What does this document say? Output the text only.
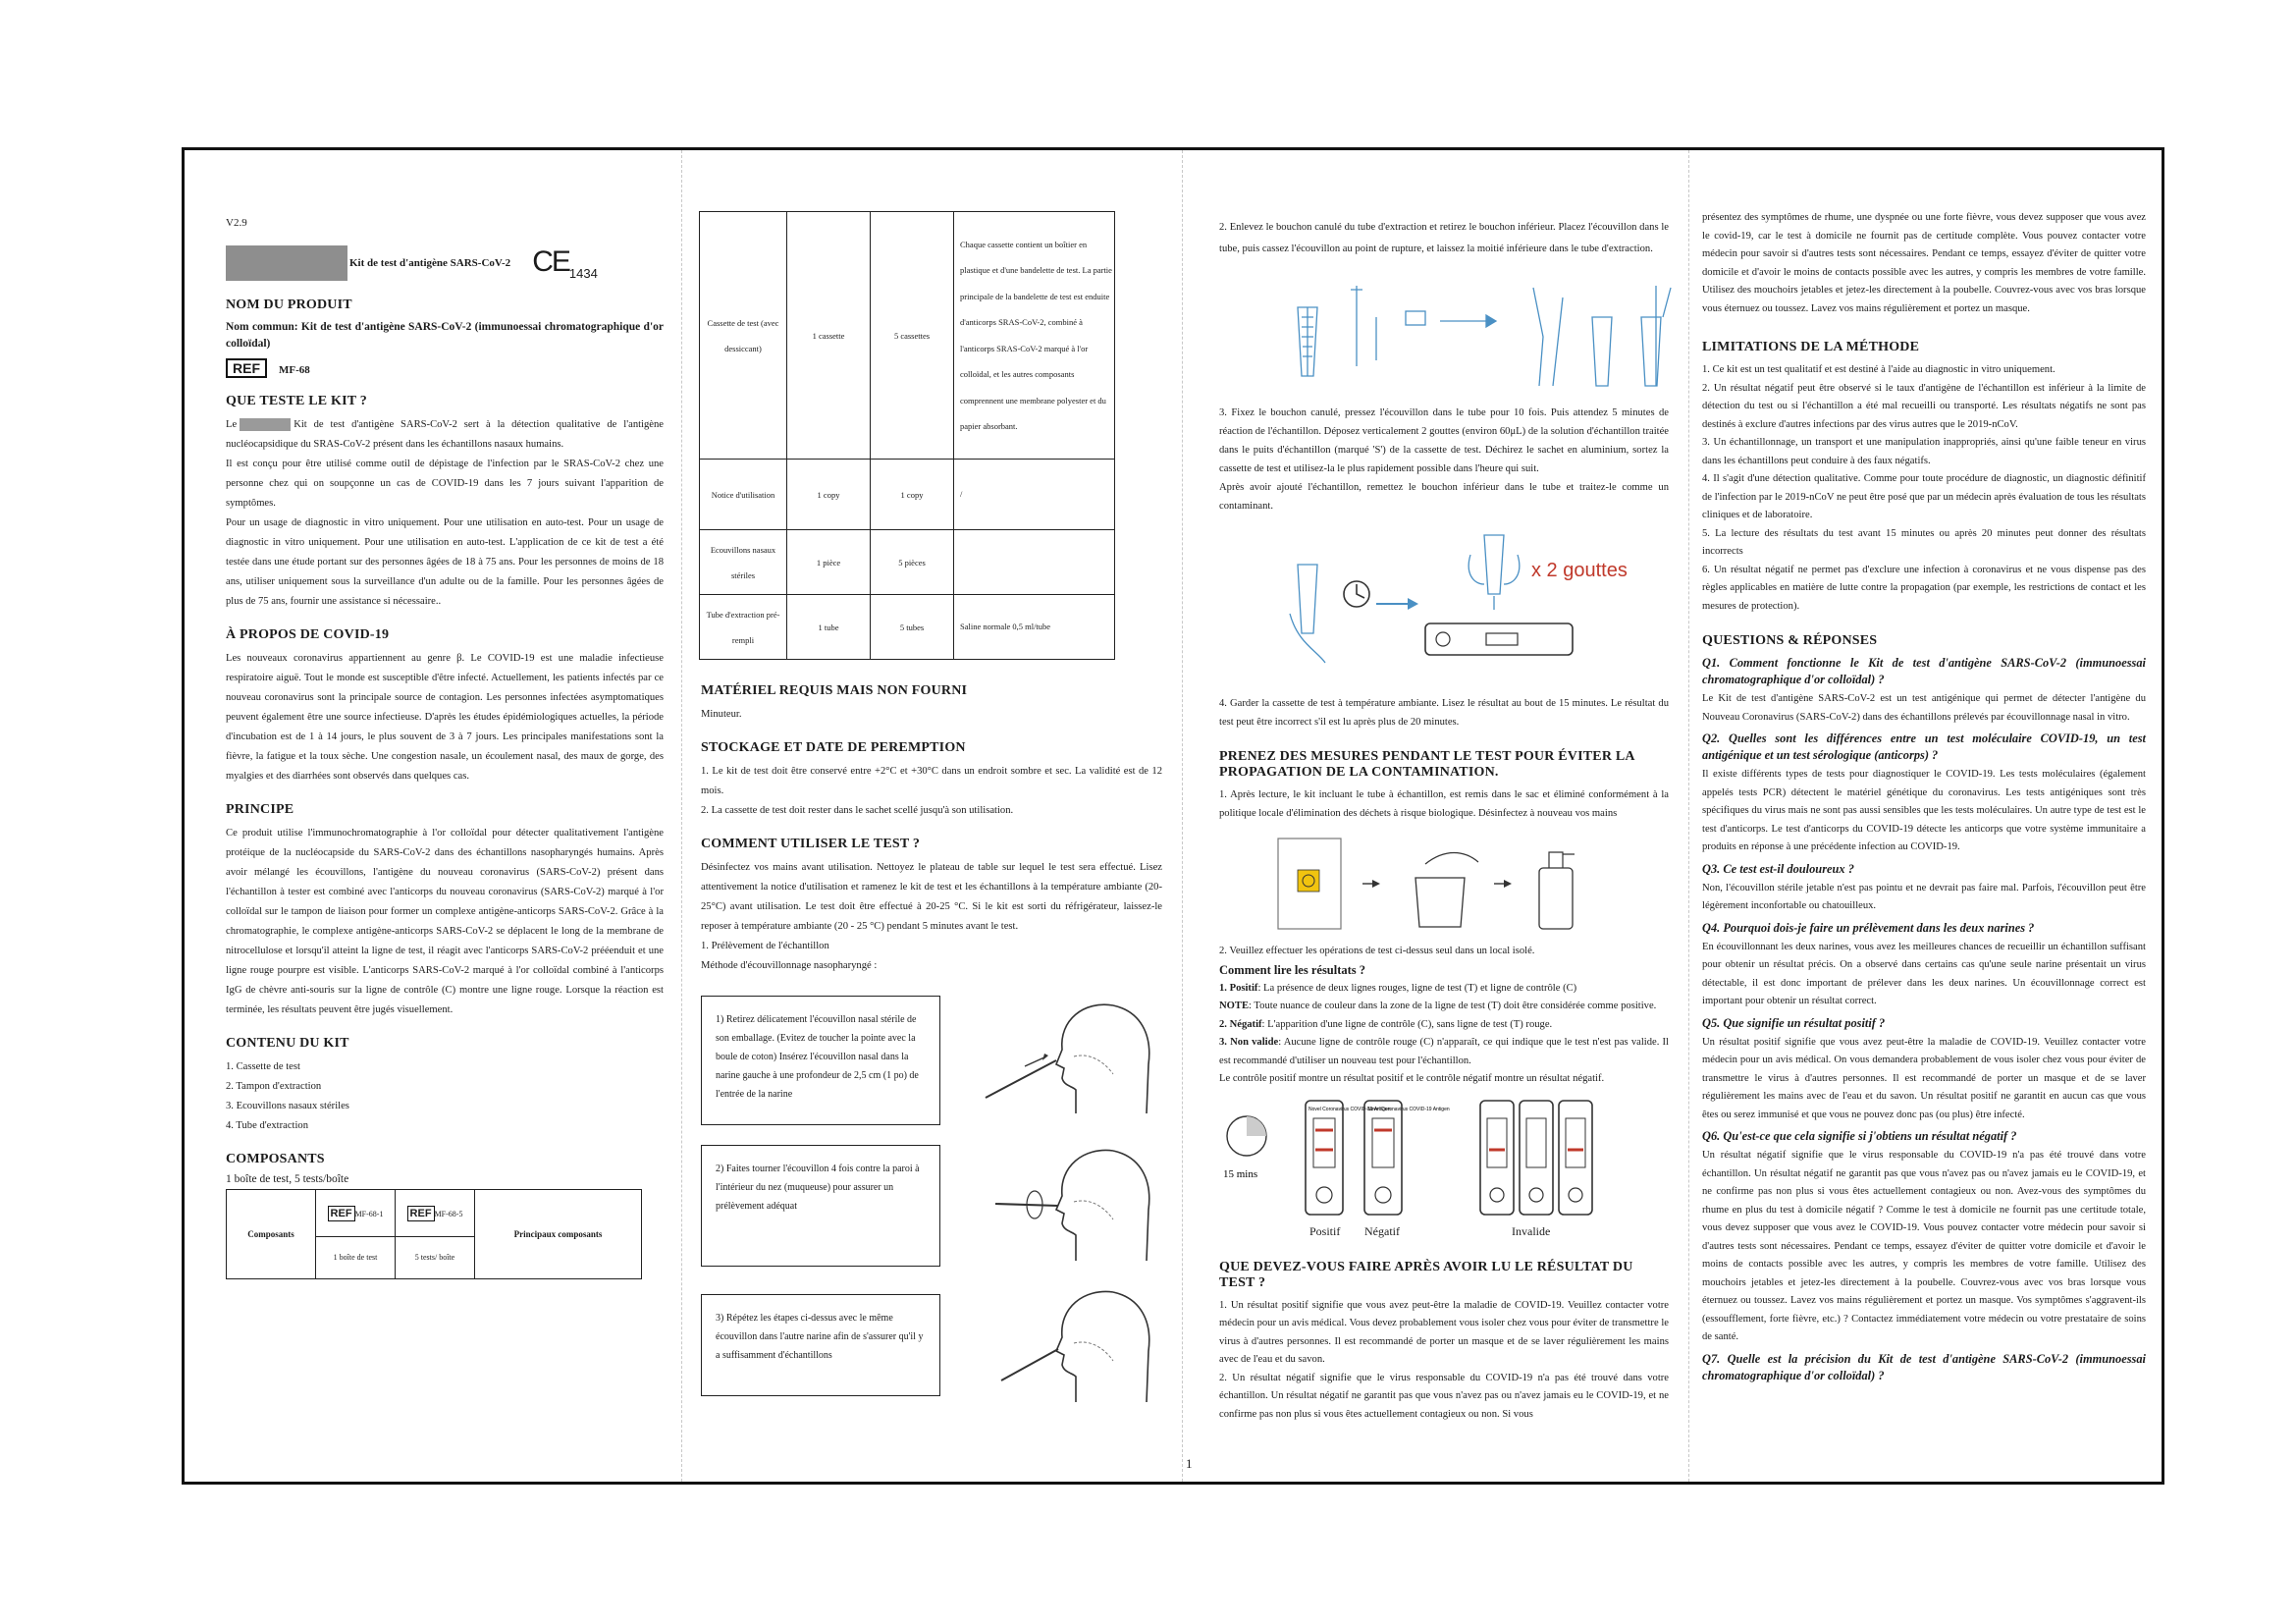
V2.9
Kit de test d'antigène SARS-CoV-2 $CE_{1434}$
NOM DU PRODUIT

Nom commun: Kit de test d'antigène SARS-CoV-2 (immunoessai chromatographique d'or colloïdal)

REF MF-68
QUE TESTE LE KIT ?

Le	Kit de test d'antigène SARS-CoV-2 sert à la détection qualitative de l'antigène nucléocapsidique du SRAS-CoV-2 présent dans les échantillons nasaux humains.

Il est conçu pour être utilisé comme outil de dépistage de l'infection par le SRAS-CoV-2 chez une personne chez qui on soupçonne un cas de COVID-19 dans les 7 jours suivant l'apparition de symptômes.

Pour un usage de diagnostic in vitro uniquement. Pour une utilisation en auto-test. Pour un usage de diagnostic in vitro uniquement. Pour une utilisation en auto-test. L'application de ce kit de test a été testée dans une étude portant sur des personnes âgées de 18 à 75 ans. Pour les personnes de moins de 18 ans, utiliser uniquement sous la surveillance d'un adulte ou de la famille. Pour les personnes âgées de plus de 75 ans, fournir une assistance si nécessaire..

À PROPOS DE COVID-19

Les nouveaux coronavirus appartiennent au genre β. Le COVID-19 est une maladie infectieuse respiratoire aiguë. Tout le monde est susceptible d'être infecté. Actuellement, les patients infectés par ce nouveau coronavirus sont la principale source de contagion. Les personnes infectées asymptomatiques peuvent également être une source infectieuse. D'après les études épidémiologiques actuelles, la période d'incubation est de 1 à 14 jours, le plus souvent de 3 à 7 jours. Les principales manifestations sont la fièvre, la fatigue et la toux sèche. Une congestion nasale, un écoulement nasal, des maux de gorge, des myalgies et des diarrhées sont observés dans quelques cas.

PRINCIPE

Ce produit utilise l'immunochromatographie à l'or colloïdal pour détecter qualitativement l'antigène protéique de la nucléocapside du SARS-CoV-2 dans des échantillons nasopharyngés humains. Après avoir mélangé les écouvillons, l'antigène du nouveau coronavirus (SARS-CoV-2) présent dans l'échantillon à tester est combiné avec l'anticorps du nouveau coronavirus (SARS-CoV-2) marqué à l'or colloïdal sur le tampon de liaison pour former un complexe antigène-anticorps SARS-CoV-2. Grâce à la chromatographie, le complexe antigène-anticorps SARS-CoV-2 se déplacent le long de la membrane de nitrocellulose et lorsqu'il atteint la ligne de test, il réagit avec l'anticorps SARS-CoV-2 prééenduit et une ligne rouge pourpre est visible. L'anticorps SARS-CoV-2 marqué à l'or colloïdal combiné à l'anticorps IgG de chèvre anti-souris sur la ligne de contrôle (C) montre une ligne rouge. Lorsque la réaction est terminée, les résultats peuvent être jugés visuellement.

CONTENU DU KIT

1. Cassette de test

2. Tampon d'extraction

3. Ecouvillons nasaux stériles

4. Tube d'extraction

COMPOSANTS

1 boîte de test, 5 tests/boîte

Composants	REF MF-68-1	REF MF-68-5	Principaux composants
	1 boîte de test	5 tests/ boîte	
Cassette de test (avec dessiccant)	1 cassette	5 cassettes	Chaque cassette contient un boîtier en plastique et d'une bandelette de test. La partie principale de la bandelette de test est enduite d'anticorps SRAS-CoV-2, combiné à l'anticorps SRAS-CoV-2 marqué à l'or colloïdal, et les autres composants comprennent une membrane polyester et du papier absorbant.
Notice d'utilisation	1 copy	1 copy	/
Ecouvillons nasaux stériles	1 pièce	5 pièces	
Tube d'extraction pré-rempli	1 tube	5 tubes	Saline normale 0,5 ml/tube
MATÉRIEL REQUIS MAIS NON FOURNI

Minuteur.

STOCKAGE ET DATE DE PEREMPTION

1. Le kit de test doit être conservé entre +2°C et +30°C dans un endroit sombre et sec. La validité est de 12 mois.

2. La cassette de test doit rester dans le sachet scellé jusqu'à son utilisation.

COMMENT UTILISER LE TEST ?

Désinfectez vos mains avant utilisation. Nettoyez le plateau de table sur lequel le test sera effectué. Lisez attentivement la notice d'utilisation et ramenez le kit de test et les échantillons à la température ambiante (20- 25°C) avant utilisation. Le test doit être effectué à 20-25 °C. Si le kit est sorti du réfrigérateur, laissez-le reposer à température ambiante (20 - 25 °C) pendant 5 minutes avant le test.

1. Prélèvement de l'échantillon

Méthode d'écouvillonnage nasopharyngé :

1) Retirez délicatement l'écouvillon nasal stérile de son emballage. (Evitez de toucher la pointe avec la boule de coton) Insérez l'écouvillon nasal dans la narine gauche à une profondeur de 2,5 cm (1 po) de l'entrée de la narine
2) Faites tourner l'écouvillon 4 fois contre la paroi à l'intérieur du nez (muqueuse) pour assurer un prélèvement adéquat
3) Répétez les étapes ci-dessus avec le même écouvillon dans l'autre narine afin de s'assurer qu'il y a suffisamment d'échantillons

2. Enlevez le bouchon canulé du tube d'extraction et retirez le bouchon inférieur. Placez l'écouvillon dans le tube, puis cassez l'écouvillon au point de rupture, et laissez la moitié inférieure dans le tube d'extraction.

3. Fixez le bouchon canulé, pressez l'écouvillon dans le tube pour 10 fois. Puis attendez 5 minutes de réaction de l'échantillon. Déposez verticalement 2 gouttes (environ 60μL) de la solution d'échantillon traitée dans le puits d'échantillon (marqué 'S') de la cassette de test. Déchirez le sachet en aluminium, sortez la cassette de test et utilisez-la le plus rapidement possible dans l'heure qui suit.

Après avoir ajouté l'échantillon, remettez le bouchon inférieur dans le tube et traitez-le comme un contaminant.

x 2 gouttes

4. Garder la cassette de test à température ambiante. Lisez le résultat au bout de 15 minutes. Le résultat du test peut être incorrect s'il est lu après plus de 20 minutes.

PRENEZ DES MESURES PENDANT LE TEST POUR ÉVITER LA PROPAGATION DE LA CONTAMINATION.

1. Après lecture, le kit incluant le tube à échantillon, est remis dans le sac et éliminé conformément à la politique locale d'élimination des déchets à risque biologique. Désinfectez à nouveau vos mains

2. Veuillez effectuer les opérations de test ci-dessus seul dans un local isolé.

Comment lire les résultats ?

1. Positif: La présence de deux lignes rouges, ligne de test (T) et ligne de contrôle (C)

NOTE: Toute nuance de couleur dans la zone de la ligne de test (T) doit être considérée comme positive.

2. Négatif: L'apparition d'une ligne de contrôle (C), sans ligne de test (T) rouge.

3. Non valide: Aucune ligne de contrôle rouge (C) n'apparaît, ce qui indique que le test n'est pas valide. Il est recommandé d'utiliser un nouveau test pour l'échantillon.

Le contrôle positif montre un résultat positif et le contrôle négatif montre un résultat négatif.

15 mins
Novel Coronavirus COVID-19 Antigen
Novel Coronavirus COVID-19 Antigen
Positif Négatif	Invalide
QUE DEVEZ-VOUS FAIRE APRÈS AVOIR LU LE RÉSULTAT DU TEST ?

1. Un résultat positif signifie que vous avez peut-être la maladie de COVID-19. Veuillez contacter votre médecin pour un avis médical. Vous devez probablement vous isoler chez vous pour éviter de transmettre le virus à d'autres personnes. Il est recommandé de porter un masque et de se laver régulièrement les mains avec de l'eau et du savon.

2. Un résultat négatif signifie que le virus responsable du COVID-19 n'a pas été trouvé dans votre échantillon. Un résultat négatif ne garantit pas que vous n'avez pas ou n'avez jamais eu le COVID-19, et ne confirme pas non plus si vous êtes actuellement contagieux ou non. Si vous

présentez des symptômes de rhume, une dyspnée ou une forte fièvre, vous devez supposer que vous avez le covid-19, car le test à domicile ne fournit pas de certitude complète. Vous pouvez contacter votre médecin pour savoir si d'autres tests sont nécessaires. Pendant ce temps, essayez d'éviter de quitter votre domicile et d'avoir le moins de contacts possible avec les autres, y compris les membres de votre famille. Utilisez des mouchoirs jetables et jetez-les directement à la poubelle. Couvrez-vous avec vos bras lorsque vous éternuez ou toussez. Lavez vos mains régulièrement et portez un masque.

LIMITATIONS DE LA MÉTHODE

1. Ce kit est un test qualitatif et est destiné à l'aide au diagnostic in vitro uniquement.

2. Un résultat négatif peut être observé si le taux d'antigène de l'échantillon est inférieur à la limite de détection du test ou si l'échantillon a été mal recueilli ou transporté. Les résultats négatifs ne sont pas destinés à exclure d'autres infections par des virus autres que le 2019-nCoV.

3. Un échantillonnage, un transport et une manipulation inappropriés, ainsi qu'une faible teneur en virus dans les échantillons peut conduire à des faux négatifs.

4. Il s'agit d'une détection qualitative. Comme pour toute procédure de diagnostic, un diagnostic définitif de l'infection par le 2019-nCoV ne peut être posé que par un médecin après évaluation de tous les résultats cliniques et de laboratoire.

5. La lecture des résultats du test avant 15 minutes ou après 20 minutes peut donner des résultats incorrects

6. Un résultat négatif ne permet pas d'exclure une infection à coronavirus et ne vous dispense pas des règles applicables en matière de lutte contre la propagation (par exemple, les restrictions de contact et les mesures de protection).

QUESTIONS & RÉPONSES

Q1. Comment fonctionne le Kit de test d'antigène SARS-CoV-2 (immunoessai chromatographique d'or colloïdal) ?

Le Kit de test d'antigène SARS-CoV-2 est un test antigénique qui permet de détecter l'antigène du Nouveau Coronavirus (SARS-CoV-2) dans des échantillons prélevés par écouvillonnage nasal in vitro.

Q2. Quelles sont les différences entre un test moléculaire COVID-19, un test antigénique et un test sérologique (anticorps) ?

Il existe différents types de tests pour diagnostiquer le COVID-19. Les tests moléculaires (également appelés tests PCR) détectent le matériel génétique du coronavirus. Les tests antigéniques sont très spécifiques du virus mais ne sont pas aussi sensibles que les tests moléculaires. Un autre type de test est le test d'anticorps. Le test d'anticorps du COVID-19 détecte les anticorps que votre système immunitaire a produits en réponse à une précédente infection au COVID-19.

Q3. Ce test est-il douloureux ?

Non, l'écouvillon stérile jetable n'est pas pointu et ne devrait pas faire mal. Parfois, l'écouvillon peut être légèrement inconfortable ou chatouilleux.

Q4. Pourquoi dois-je faire un prélèvement dans les deux narines ?

En écouvillonnant les deux narines, vous avez les meilleures chances de recueillir un échantillon suffisant pour obtenir un résultat précis. On a observé dans certains cas qu'une seule narine présentait un virus détectable, il est donc important de prélever dans les deux narines. Un écouvillonnage correct est important pour obtenir un résultat correct.

Q5. Que signifie un résultat positif ?

Un résultat positif signifie que vous avez peut-être la maladie de COVID-19. Veuillez contacter votre médecin pour un avis médical. On vous demandera probablement de vous isoler chez vous pour éviter de transmettre le virus à d'autres personnes. Il est recommandé de porter un masque et de se laver régulièrement les mains avec de l'eau et du savon. Un résultat positif ne garantit en aucun cas que vous êtes ou serez immunisé et que vous ne pouvez donc pas (ou plus) être infecté.

Q6. Qu'est-ce que cela signifie si j'obtiens un résultat négatif ?

Un résultat négatif signifie que le virus responsable du COVID-19 n'a pas été trouvé dans votre échantillon. Un résultat négatif ne garantit pas que vous n'avez pas ou n'avez jamais eu le COVID-19, et ne confirme pas non plus si vous êtes actuellement contagieux ou non. Avez-vous des symptômes du rhume en plus du test à domicile négatif ? Comme le test à domicile ne fournit pas une certitude totale, vous devez supposer que vous avez le COVID-19. Vous pouvez contacter votre médecin pour savoir si d'autres tests sont nécessaires. Pendant ce temps, essayez d'éviter de quitter votre domicile et d'avoir le moins de contacts possible avec les autres, y compris les membres de votre famille. Utilisez des mouchoirs jetables et jetez-les directement à la poubelle. Couvrez-vous avec vos bras lorsque vous éternuez ou toussez. Lavez vos mains régulièrement et portez un masque. Vos symptômes s'aggravent-ils (essoufflement, forte fièvre, etc.) ? Contactez immédiatement votre médecin ou votre prestataire de soins de santé.

Q7. Quelle est la précision du Kit de test d'antigène SARS-CoV-2 (immunoessai chromatographique d'or colloïdal) ?

1
